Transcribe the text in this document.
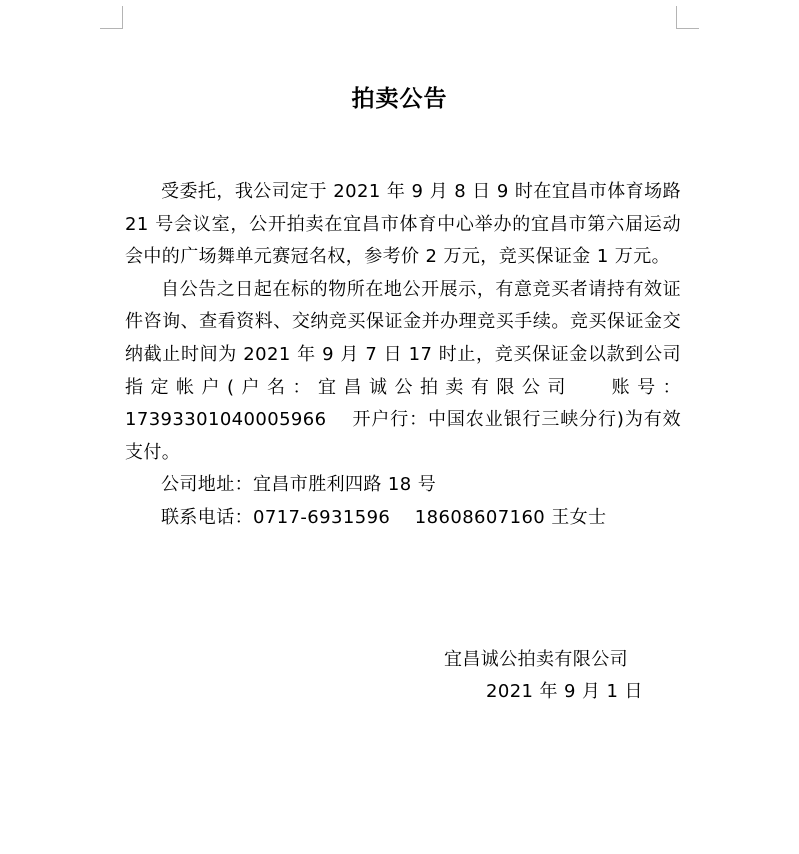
拍卖公告

受委托，我公司定于 2021 年 9 月 8 日 9 时在宜昌市体育场路 21 号会议室，公开拍卖在宜昌市体育中心举办的宜昌市第六届运动会中的广场舞单元赛冠名权，参考价 2 万元，竞买保证金 1 万元。

自公告之日起在标的物所在地公开展示，有意竞买者请持有效证件咨询、查看资料、交纳竞买保证金并办理竞买手续。竞买保证金交纳截止时间为 2021 年 9 月 7 日 17 时止，竞买保证金以款到公司指定帐户(户名：宜昌诚公拍卖有限公司　 账号：17393301040005966　 开户行：中国农业银行三峡分行)为有效支付。

公司地址：宜昌市胜利四路 18 号

联系电话：0717-6931596　 18608607160 王女士

宜昌诚公拍卖有限公司
2021 年 9 月 1 日
